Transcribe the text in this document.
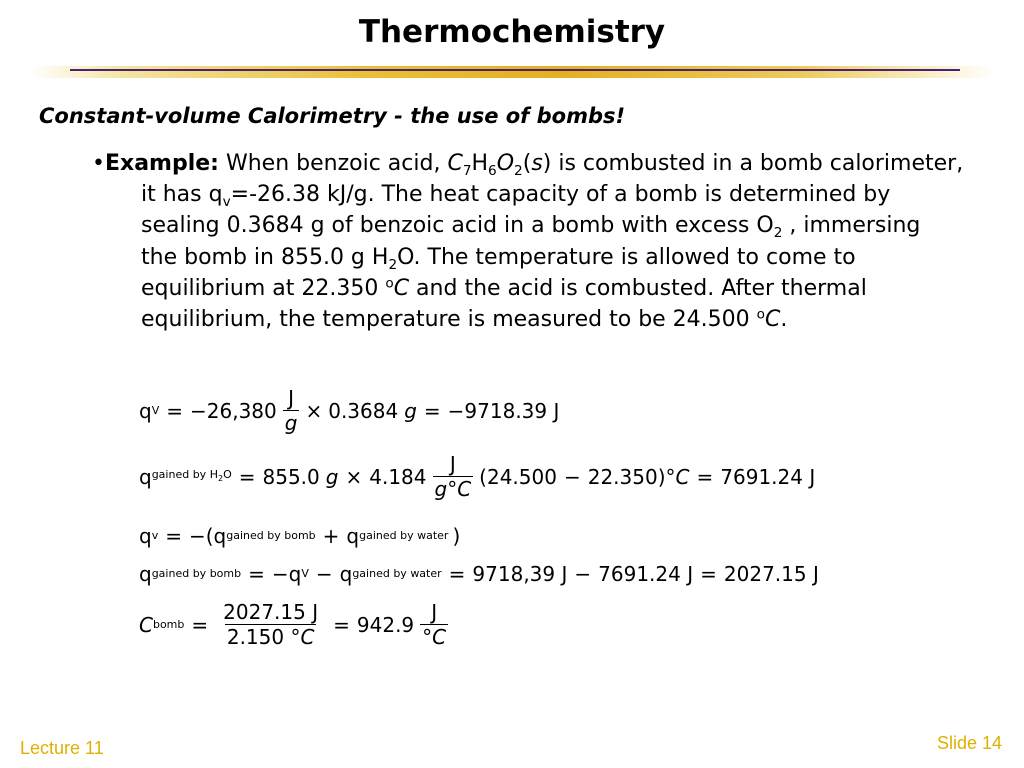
Thermochemistry
Constant-volume Calorimetry - the use of bombs!
•Example: When benzoic acid, $C_7H_6O_2(s)$ is combusted in a bomb calorimeter,
it has $q_v=-26.38$ kJ/g. The heat capacity of a bomb is determined by
sealing 0.3684 g of benzoic acid in a bomb with excess $O_2$ , immersing
the bomb in 855.0 g $H_2O$. The temperature is allowed to come to
equilibrium at 22.350 $^o$C and the acid is combusted. After thermal
equilibrium, the temperature is measured to be 24.500 $^o$C.
q $V = -26,380 \frac{J}{g} \times 0.3684$ g = −9718.39 J
q gained by $H_2O = 855.0$ $g \times 4.184 \frac{J}{g^\circ C} (24.500 - 22.350)^\circ$ C = 7691.24 J
q v = −(q gained by bomb + q gained by water )
q gained by bomb = −q V − q gained by water = 9718,39 J − 7691.24 J = 2027.15 J
C bomb = $\frac{2027.15 J}{2.150 ^\circ C} = 942.9 \frac{J}{^\circ C}$
Lecture 11	Slide 14
